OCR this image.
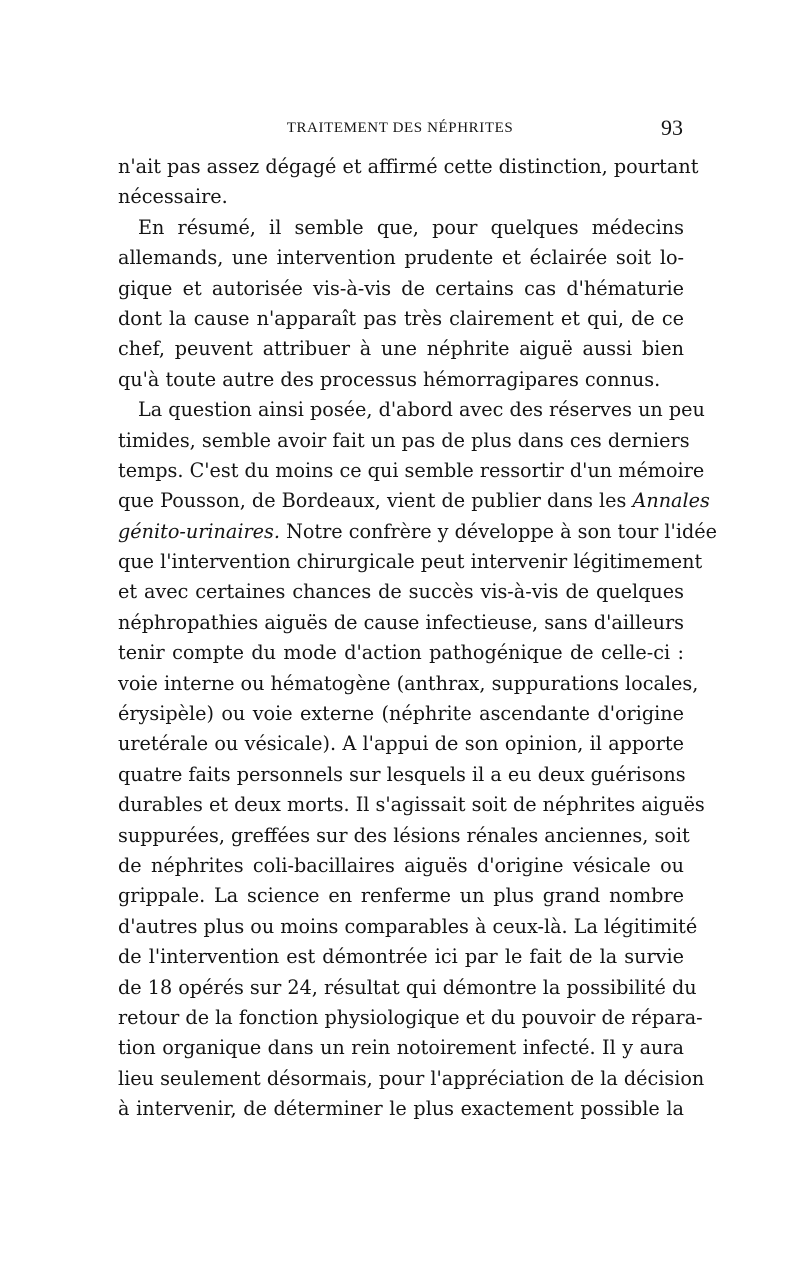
TRAITEMENT DES NÉPHRITES	93
n'ait pas assez dégagé et affirmé cette distinction, pourtant
nécessaire.
En résumé, il semble que, pour quelques médecins
allemands, une intervention prudente et éclairée soit lo-
gique et autorisée vis-à-vis de certains cas d'hématurie
dont la cause n'apparaît pas très clairement et qui, de ce
chef, peuvent attribuer à une néphrite aiguë aussi bien
qu'à toute autre des processus hémorragipares connus.
La question ainsi posée, d'abord avec des réserves un peu
timides, semble avoir fait un pas de plus dans ces derniers
temps. C'est du moins ce qui semble ressortir d'un mémoire
que Pousson, de Bordeaux, vient de publier dans les Annales
génito-urinaires. Notre confrère y développe à son tour l'idée
que l'intervention chirurgicale peut intervenir légitimement
et avec certaines chances de succès vis-à-vis de quelques
néphropathies aiguës de cause infectieuse, sans d'ailleurs
tenir compte du mode d'action pathogénique de celle-ci :
voie interne ou hématogène (anthrax, suppurations locales,
érysipèle) ou voie externe (néphrite ascendante d'origine
uretérale ou vésicale). A l'appui de son opinion, il apporte
quatre faits personnels sur lesquels il a eu deux guérisons
durables et deux morts. Il s'agissait soit de néphrites aiguës
suppurées, greffées sur des lésions rénales anciennes, soit
de néphrites coli-bacillaires aiguës d'origine vésicale ou
grippale. La science en renferme un plus grand nombre
d'autres plus ou moins comparables à ceux-là. La légitimité
de l'intervention est démontrée ici par le fait de la survie
de 18 opérés sur 24, résultat qui démontre la possibilité du
retour de la fonction physiologique et du pouvoir de répara-
tion organique dans un rein notoirement infecté. Il y aura
lieu seulement désormais, pour l'appréciation de la décision
à intervenir, de déterminer le plus exactement possible la
